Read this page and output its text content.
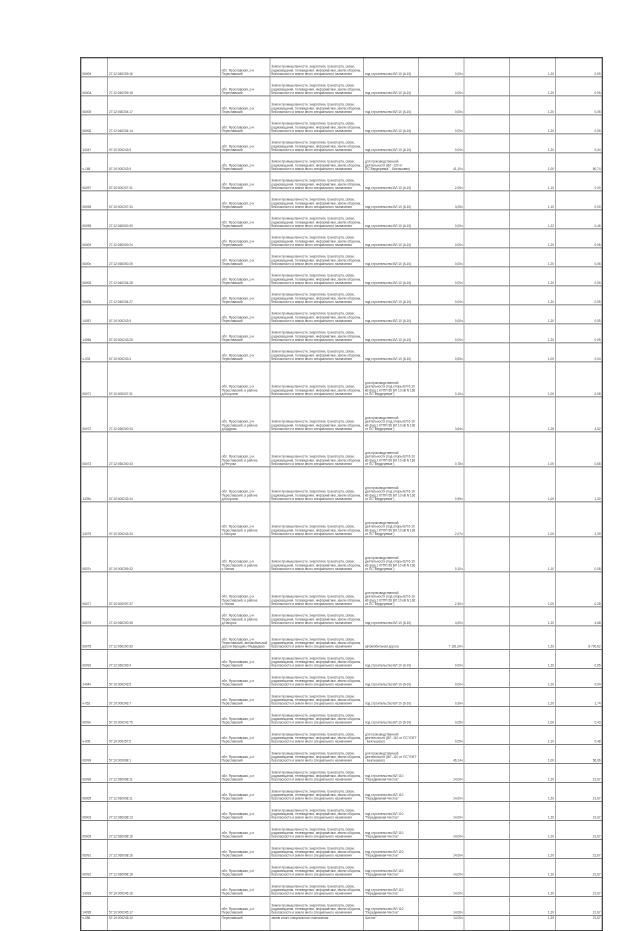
06009	27:12:060209:16	обл. Ярославская, р-н Переславский	Земли промышленности, энергетики, транспорта, связи, радиовещания, телевидения, информатики, земли обороны, безопасности и земли иного специального назначения	под строительство ВЛ 10 (6-10)	0,00ч		1,20	0,05
0600А	27:12:060209:18	обл. Ярославская, р-н Переславский	Земли промышленности, энергетики, транспорта, связи, радиовещания, телевидения, информатики, земли обороны, безопасности и земли иного специального назначения	под строительство ВЛ 10 (6-10)	0,00ч		1,20	0,05
06005	27:12:060204:17	обл. Ярославская, р-н Переславский	Земли промышленности, энергетики, транспорта, связи, радиовещания, телевидения, информатики, земли обороны, безопасности и земли иного специального назначения	под строительство ВЛ 10 (6-10)	0,00ч		1,20	0,05
06006	27:12:060204:14	обл. Ярославская, р-н Переславский	Земли промышленности, энергетики, транспорта, связи, радиовещания, телевидения, информатики, земли обороны, безопасности и земли иного специального назначения	под строительство ВЛ 10 (6-10)	0,00ч		1,20	0,05
14047	57:10:000243:9	обл. Ярославская, р-н Переславский	Земли промышленности, энергетики, транспорта, связи, радиовещания, телевидения, информатики, земли обороны, безопасности и земли иного специального назначения	под строительство ВЛ 10 (6-10)	0,00ч		1,20	0,04
ч-168	57:10:000243:9	обл. Ярославская, р-н Переславский	Земли промышленности, энергетики, транспорта, связи, радиовещания, телевидения, информатики, земли обороны, безопасности и земли иного специального назначения	для производственной деятельности (ВЛ -120 от ПС"Вердеревка" - Бектышево)	41,10ч		1,00	60,74
06097	57:10:000207:31	обл. Ярославская, р-н Переславский	Земли промышленности, энергетики, транспорта, связи, радиовещания, телевидения, информатики, земли обороны, безопасности и земли иного специального назначения	под строительство ВЛ 10 (6-10)	2,05ч		1,10	0,00
06096	57:10:000207:34	обл. Ярославская, р-н Переславский	Земли промышленности, энергетики, транспорта, связи, радиовещания, телевидения, информатики, земли обороны, безопасности и земли иного специального назначения	под строительство ВЛ 10 (6-10)	3,05ч		1,10	0,00
06095	27:12:060000:30	обл. Ярославская, р-н Переславский	Земли промышленности, энергетики, транспорта, связи, радиовещания, телевидения, информатики, земли обороны, безопасности и земли иного специального назначения	под строительство ВЛ 10 (6-10)	0,00ч		1,22	0,46
06009	27:12:060000:24	обл. Ярославская, р-н Переславский	Земли промышленности, энергетики, транспорта, связи, радиовещания, телевидения, информатики, земли обороны, безопасности и земли иного специального назначения	под строительство ВЛ 10 (6-10)	0,00ч		1,20	0,06
0600ч	27:12:060000:25	обл. Ярославская, р-н Переславский	Земли промышленности, энергетики, транспорта, связи, радиовещания, телевидения, информатики, земли обороны, безопасности и земли иного специального назначения	под строительство ВЛ 10 (6-10)	0,00ч		1,20	0,06
06005	27:12:060204:28	обл. Ярославская, р-н Переславский	Земли промышленности, энергетики, транспорта, связи, радиовещания, телевидения, информатики, земли обороны, безопасности и земли иного специального назначения	под строительство ВЛ 10 (6-10)	0,00ч		1,20	0,05
06006	27:12:060204:27	обл. Ярославская, р-н Переславский	Земли промышленности, энергетики, транспорта, связи, радиовещания, телевидения, информатики, земли обороны, безопасности и земли иного специального назначения	под строительство ВЛ 10 (6-10)	0,00ч		1,20	0,05
14057	57:10:000243:9	обл. Ярославская, р-н Переславский	Земли промышленности, энергетики, транспорта, связи, радиовещания, телевидения, информатики, земли обороны, безопасности и земли иного специального назначения	под строительство ВЛ 10 (6-10)	0,00ч		1,20	0,05
14066	57:10:000243:25	обл. Ярославская, р-н Переславский	Земли промышленности, энергетики, транспорта, связи, радиовещания, телевидения, информатики, земли обороны, безопасности и земли иного специального назначения	под строительство ВЛ 10 (6-10)	0,00ч		1,20	0,05
ч-003	57:10:000243:3	обл. Ярославская, р-н Переславский	Земли промышленности, энергетики, транспорта, связи, радиовещания, телевидения, информатики, земли обороны, безопасности и земли иного специального назначения	под строительство ВЛ 10 (6-10)	0,05ч		1,00	0,04
06071	57:10:000007:31	обл. Ярославская, р-н Переславский, в районе д.Косулино	Земли промышленности, энергетики, транспорта, связи, радиовещания, телевидения, информатики, земли обороны, безопасности и земли иного специального назначения	для производственной деятельности (под опоры ВЛ 6-10 кВ фид.1 КТПП-56 ВЛ 10 кВ N 136 от ПС"Вердеревка")	0,10ч		1,00	0,08
06072	27:12:060200:33	обл. Ярославская, р-н Переславский, в районе д.Будрово	Земли промышленности, энергетики, транспорта, связи, радиовещания, телевидения, информатики, земли обороны, безопасности и земли иного специального назначения	для производственной деятельности (под опоры ВЛ 6-10 кВ фид.1 КТПП-56 ВЛ 10 кВ N 136 от ПС"Вердеревка")	3,64ч		1,28	4,52
06073	27:12:060200:33	обл. Ярославская, р-н Переславский, в районе д.Ретунки	Земли промышленности, энергетики, транспорта, связи, радиовещания, телевидения, информатики, земли обороны, безопасности и земли иного специального назначения	для производственной деятельности (под опоры ВЛ 6-10 кВ фид.1 КТПП-56 ВЛ 10 кВ N 136 от ПС"Вердеревка")	0,78ч		1,00	0,65
1405ч	57:10:000243:34	обл. Ярославская, р-н Переславский, в районе д.Косулино	Земли промышленности, энергетики, транспорта, связи, радиовещания, телевидения, информатики, земли обороны, безопасности и земли иного специального назначения	для производственной деятельности (под опоры ВЛ 6-10 кВ фид.1 КТПП-56 ВЛ 10 кВ N 136 от ПС"Вердеревка")	0,95ч		1,00	1,30
14075	57:10:000243:34	обл. Ярославская, р-н Переславский, в районе с.Нагорье	Земли промышленности, энергетики, транспорта, связи, радиовещания, телевидения, информатики, земли обороны, безопасности и земли иного специального назначения	для производственной деятельности (под опоры ВЛ 6-10 кВ фид.1 КТПП-56 ВЛ 10 кВ N 136 от ПС"Вердеревка")	2,07ч		1,00	1,39
0607ч	57:10:000209:32	обл. Ярославская, р-н Переславский, в районе с.Уселки	Земли промышленности, энергетики, транспорта, связи, радиовещания, телевидения, информатики, земли обороны, безопасности и земли иного специального назначения	для производственной деятельности (под опоры ВЛ 6-10 кВ фид.1 КТПП-56 ВЛ 10 кВ N 136 от ПС"Вердеревка")	0,10ч		1,10	0,08
06077	57:10:000097:37	обл. Ярославская, р-н Переславский, в районе с.Уселки	Земли промышленности, энергетики, транспорта, связи, радиовещания, телевидения, информатики, земли обороны, безопасности и земли иного специального назначения	для производственной деятельности (под опоры ВЛ 6-10 кВ фид.1 КТПП-56 ВЛ 10 кВ N 136 от ПС"Вердеревка")	2,30ч		1,00	0,28
06079	27:12:060200:35	обл. Ярославская, р-н Переславский, в районе д.Нагорье	Земли промышленности, энергетики, транспорта, связи, радиовещания, телевидения, информатики, земли обороны, безопасности и земли иного специального назначения	под строительство ВЛ 10 (6-10)	4,00ч		1,20	4,68
06075	27:12:060200:39	обл. Ярославская, р-н Переславский, автомобильной дороги Вередино-Медведево	Земли промышленности, энергетики, транспорта, связи, радиовещания, телевидения, информатики, земли обороны, безопасности и земли иного специального назначения	автомобильная дорога	7 181,00ч		1,20	8 700,62
06092	27:12:060209:4	обл. Ярославская, р-н Переславский	Земли промышленности, энергетики, транспорта, связи, радиовещания, телевидения, информатики, земли обороны, безопасности и земли иного специального назначения	под строительство ВЛ 10 (6-10)	0,00ч		1,20	0,05
1404ч	57:10:000243:5	обл. Ярославская, р-н Переславский	Земли промышленности, энергетики, транспорта, связи, радиовещания, телевидения, информатики, земли обороны, безопасности и земли иного специального назначения	под строительство ВЛ 10 (6-10)	0,00ч		1,20	0,04
ч-052	57:10:000243:7	обл. Ярославская, р-н Переславский	Земли промышленности, энергетики, транспорта, связи, радиовещания, телевидения, информатики, земли обороны, безопасности и земли иного специального назначения	под строительство ВЛ 10 (6-10)	0,99ч		1,20	1,74
0609ч	57:10:000243:75	обл. Ярославская, р-н Переславский	Земли промышленности, энергетики, транспорта, связи, радиовещания, телевидения, информатики, земли обороны, безопасности и земли иного специального назначения	под строительство ВЛ 10 (6-10)	0,05ч		1,00	0,43
ч-005	57:10:000257:5	обл. Ярославская, р-н Переславский	Земли промышленности, энергетики, транспорта, связи, радиовещания, телевидения, информатики, земли обороны, безопасности и земли иного специального назначения	для производственной деятельности (ВЛ -110 от ПС"ЛЭП" - Бектышево)	0,05ч		1,10	0,48
06099	57:10:000098:1	обл. Ярославская, р-н Переславский	Земли промышленности, энергетики, транспорта, связи, радиовещания, телевидения, информатики, земли обороны, безопасности и земли иного специального назначения	для производственной деятельности (ВЛ -110 от ПС"ЛЭП" - Бектышево)	46,14ч		1,00	56,06
06096	27:12:060098:11	обл. Ярославская, р-н Переславский	Земли промышленности, энергетики, транспорта, связи, радиовещания, телевидения, информатики, земли обороны, безопасности и земли иного специального назначения	под строительство ВЛ 110 "Передвижная-Чистое"	14,00ч		1,20	21,67
06005	27:12:060098:11	обл. Ярославская, р-н Переславский	Земли промышленности, энергетики, транспорта, связи, радиовещания, телевидения, информатики, земли обороны, безопасности и земли иного специального назначения	под строительство ВЛ 110 "Передвижная-Чистое"	14,00ч		1,20	21,67
06003	27:12:060098:13	обл. Ярославская, р-н Переславский	Земли промышленности, энергетики, транспорта, связи, радиовещания, телевидения, информатики, земли обороны, безопасности и земли иного специального назначения	под строительство ВЛ 110 "Передвижная-Чистое"	14,00ч		1,20	21,67
06009	27:12:060098:16	обл. Ярославская, р-н Переславский	Земли промышленности, энергетики, транспорта, связи, радиовещания, телевидения, информатики, земли обороны, безопасности и земли иного специального назначения	под строительство ВЛ 110 "Передвижная-Чистое"	14,00ч		1,20	21,67
06091	27:12:060098:16	обл. Ярославская, р-н Переславский	Земли промышленности, энергетики, транспорта, связи, радиовещания, телевидения, информатики, земли обороны, безопасности и земли иного специального назначения	под строительство ВЛ 110 "Передвижная-Чистое"	14,00ч		1,20	21,67
06092	27:12:060098:18	обл. Ярославская, р-н Переславский	Земли промышленности, энергетики, транспорта, связи, радиовещания, телевидения, информатики, земли обороны, безопасности и земли иного специального назначения	под строительство ВЛ 110 "Передвижная-Чистое"	14,00ч		1,20	21,67
14093	57:10:000245:16	обл. Ярославская, р-н Переславский	Земли промышленности, энергетики, транспорта, связи, радиовещания, телевидения, информатики, земли обороны, безопасности и земли иного специального назначения	под строительство ВЛ 110 "Передвижная-Чистое"	14,00ч		1,20	21,67
14095	57:10:000245:17	обл. Ярославская, р-н Переславский	Земли промышленности, энергетики, транспорта, связи, радиовещания, телевидения, информатики, земли обороны, безопасности и земли иного специального назначения	под строительство ВЛ 110 "Передвижная-Чистое"	14,00ч		1,20	21,67
ч-056	57:10:000245:10	Переславский	земли иного специального назначения	Чистое"	14,00ч		1,20	21,67
